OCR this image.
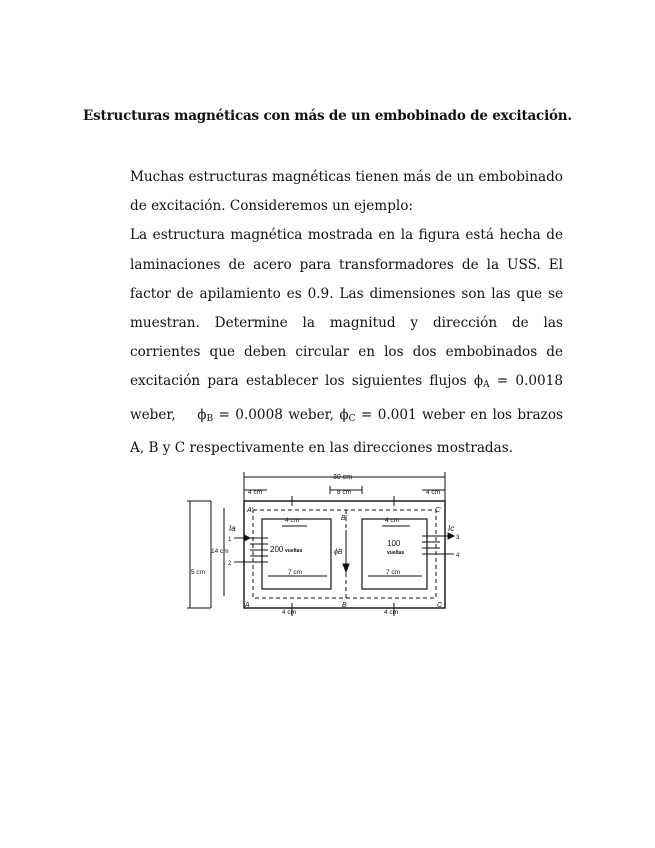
Estructuras magnéticas con más de un embobinado de excitación.

Muchas estructuras magnéticas tienen más de un embobinado de excitación. Consideremos un ejemplo:

La estructura magnética mostrada en la figura está hecha de laminaciones de acero para transformadores de la USS. El factor de apilamiento es 0.9. Las dimensiones son las que se muestran. Determine la magnitud y dirección de las corrientes que deben circular en los dos embobinados de excitación para establecer los siguientes flujos $\phi_A = 0.0018$ weber, $\phi_B = 0.0008$ weber, $\phi_C = 0.001$ weber en los brazos A, B y C respectivamente en las direcciones mostradas.

30 cm
4 cm	8 cm	4 cm
4 cm	4 cm
4 cm	4 cm
7 cm	7 cm
14 cm
5 cm
200 vueltas
100
vueltas
Ia	Ic
ϕB
1
2
3
4
A'
B'
C'
A	B	C
